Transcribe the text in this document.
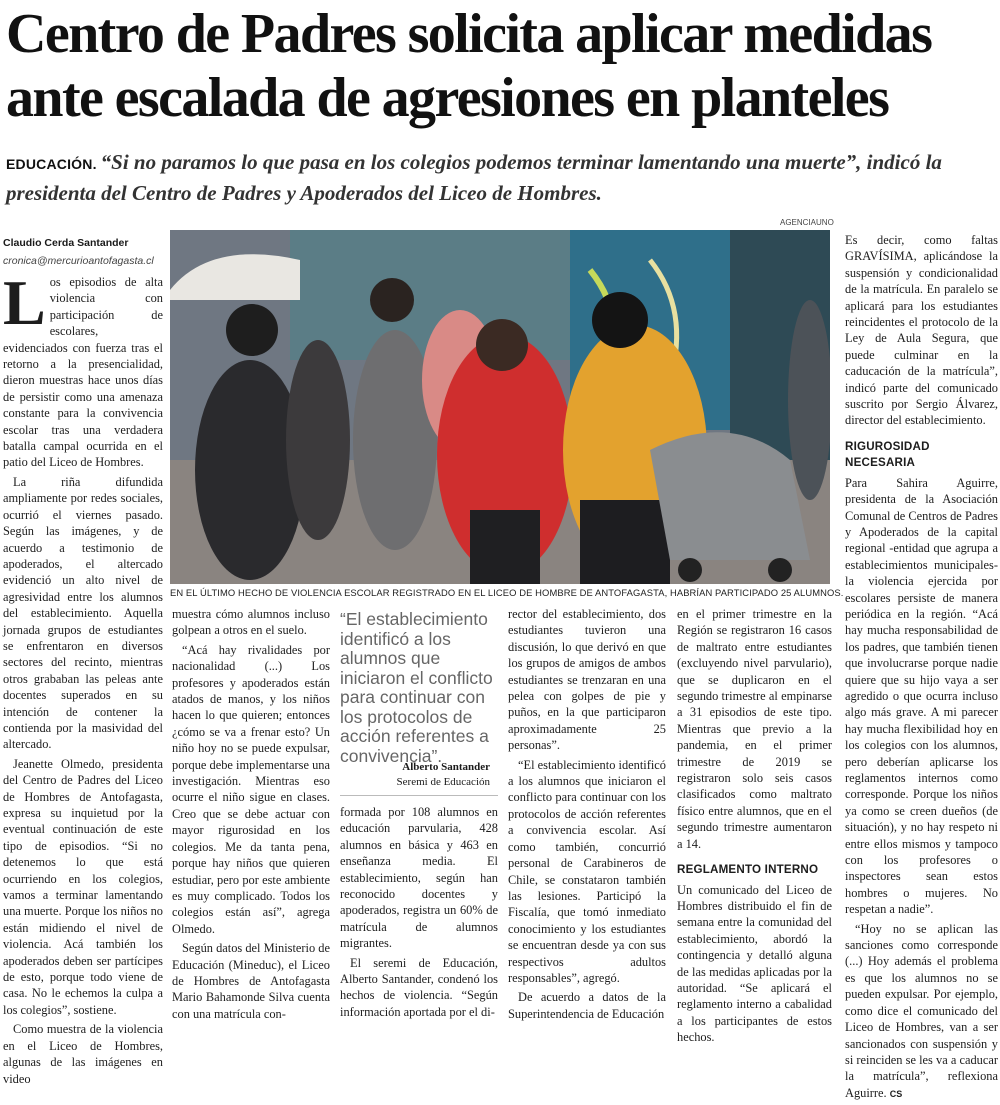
Centro de Padres solicita aplicar medidas
ante escalada de agresiones en planteles
EDUCACIÓN. “Si no paramos lo que pasa en los colegios podemos terminar lamentando una muerte”, indicó la presidenta del Centro de Padres y Apoderados del Liceo de Hombres.
Claudio Cerda Santander
cronica@mercurioantofagasta.cl

Los episodios de alta violencia con participación de escolares, evidenciados con fuerza tras el retorno a la presencialidad, dieron muestras hace unos días de persistir como una amenaza constante para la convivencia escolar tras una verdadera batalla campal ocurrida en el patio del Liceo de Hombres.

La riña difundida ampliamente por redes sociales, ocurrió el viernes pasado. Según las imágenes, y de acuerdo a testimonio de apoderados, el altercado evidenció un alto nivel de agresividad entre los alumnos del establecimiento. Aquella jornada grupos de estudiantes se enfrentaron en diversos sectores del recinto, mientras otros grababan las peleas ante docentes superados en su intención de contener la contienda por la masividad del altercado.

Jeanette Olmedo, presidenta del Centro de Padres del Liceo de Hombres de Antofagasta, expresa su inquietud por la eventual continuación de este tipo de episodios. “Si no detenemos lo que está ocurriendo en los colegios, vamos a terminar lamentando una muerte. Porque los niños no están midiendo el nivel de violencia. Acá también los apoderados deben ser partícipes de esto, porque todo viene de casa. No le echemos la culpa a los colegios”, sostiene.

Como muestra de la violencia en el Liceo de Hombres, algunas de las imágenes en video

AGENCIAUNO
EN EL ÚLTIMO HECHO DE VIOLENCIA ESCOLAR REGISTRADO EN EL LICEO DE HOMBRE DE ANTOFAGASTA, HABRÍAN PARTICIPADO 25 ALUMNOS.

muestra cómo alumnos incluso golpean a otros en el suelo.

“Acá hay rivalidades por nacionalidad (...) Los profesores y apoderados están atados de manos, y los niños hacen lo que quieren; entonces ¿cómo se va a frenar esto? Un niño hoy no se puede expulsar, porque debe implementarse una investigación. Mientras eso ocurre el niño sigue en clases. Creo que se debe actuar con mayor rigurosidad en los colegios. Me da tanta pena, porque hay niños que quieren estudiar, pero por este ambiente es muy complicado. Todos los colegios están así”, agrega Olmedo.

Según datos del Ministerio de Educación (Mineduc), el Liceo de Hombres de Antofagasta Mario Bahamonde Silva cuenta con una matrícula con-

“El establecimiento identificó a los alumnos que iniciaron el conflicto para continuar con los protocolos de acción referentes a convivencia”.
Alberto Santander
Seremi de Educación

formada por 108 alumnos en educación parvularia, 428 alumnos en básica y 463 en enseñanza media. El establecimiento, según han reconocido docentes y apoderados, registra un 60% de matrícula de alumnos migrantes.

El seremi de Educación, Alberto Santander, condenó los hechos de violencia. “Según información aportada por el di-

rector del establecimiento, dos estudiantes tuvieron una discusión, lo que derivó en que los grupos de amigos de ambos estudiantes se trenzaran en una pelea con golpes de pie y puños, en la que participaron aproximadamente 25 personas”.

“El establecimiento identificó a los alumnos que iniciaron el conflicto para continuar con los protocolos de acción referentes a convivencia escolar. Así como también, concurrió personal de Carabineros de Chile, se constataron también las lesiones. Participó la Fiscalía, que tomó inmediato conocimiento y los estudiantes se encuentran desde ya con sus respectivos adultos responsables”, agregó.

De acuerdo a datos de la Superintendencia de Educación

en el primer trimestre en la Región se registraron 16 casos de maltrato entre estudiantes (excluyendo nivel parvulario), que se duplicaron en el segundo trimestre al empinarse a 31 episodios de este tipo. Mientras que previo a la pandemia, en el primer trimestre de 2019 se registraron solo seis casos clasificados como maltrato físico entre alumnos, que en el segundo trimestre aumentaron a 14.

REGLAMENTO INTERNO

Un comunicado del Liceo de Hombres distribuido el fin de semana entre la comunidad del establecimiento, abordó la contingencia y detalló alguna de las medidas aplicadas por la autoridad. “Se aplicará el reglamento interno a cabalidad a los participantes de estos hechos.

Es decir, como faltas GRAVÍSIMA, aplicándose la suspensión y condicionalidad de la matrícula. En paralelo se aplicará para los estudiantes reincidentes el protocolo de la Ley de Aula Segura, que puede culminar en la caducación de la matrícula”, indicó parte del comunicado suscrito por Sergio Álvarez, director del establecimiento.

RIGUROSIDAD NECESARIA

Para Sahira Aguirre, presidenta de la Asociación Comunal de Centros de Padres y Apoderados de la capital regional -entidad que agrupa a establecimientos municipales- la violencia ejercida por escolares persiste de manera periódica en la región. “Acá hay mucha responsabilidad de los padres, que también tienen que involucrarse porque nadie quiere que su hijo vaya a ser agredido o que ocurra incluso algo más grave. A mi parecer hay mucha flexibilidad hoy en los colegios con los alumnos, pero deberían aplicarse los reglamentos internos como corresponde. Porque los niños ya como se creen dueños (de situación), y no hay respeto ni entre ellos mismos y tampoco con los profesores o inspectores sean estos hombres o mujeres. No respetan a nadie”.

“Hoy no se aplican las sanciones como corresponde (...) Hoy además el problema es que los alumnos no se pueden expulsar. Por ejemplo, como dice el comunicado del Liceo de Hombres, van a ser sancionados con suspensión y si reinciden se les va a caducar la matrícula”, reflexiona Aguirre. CS
